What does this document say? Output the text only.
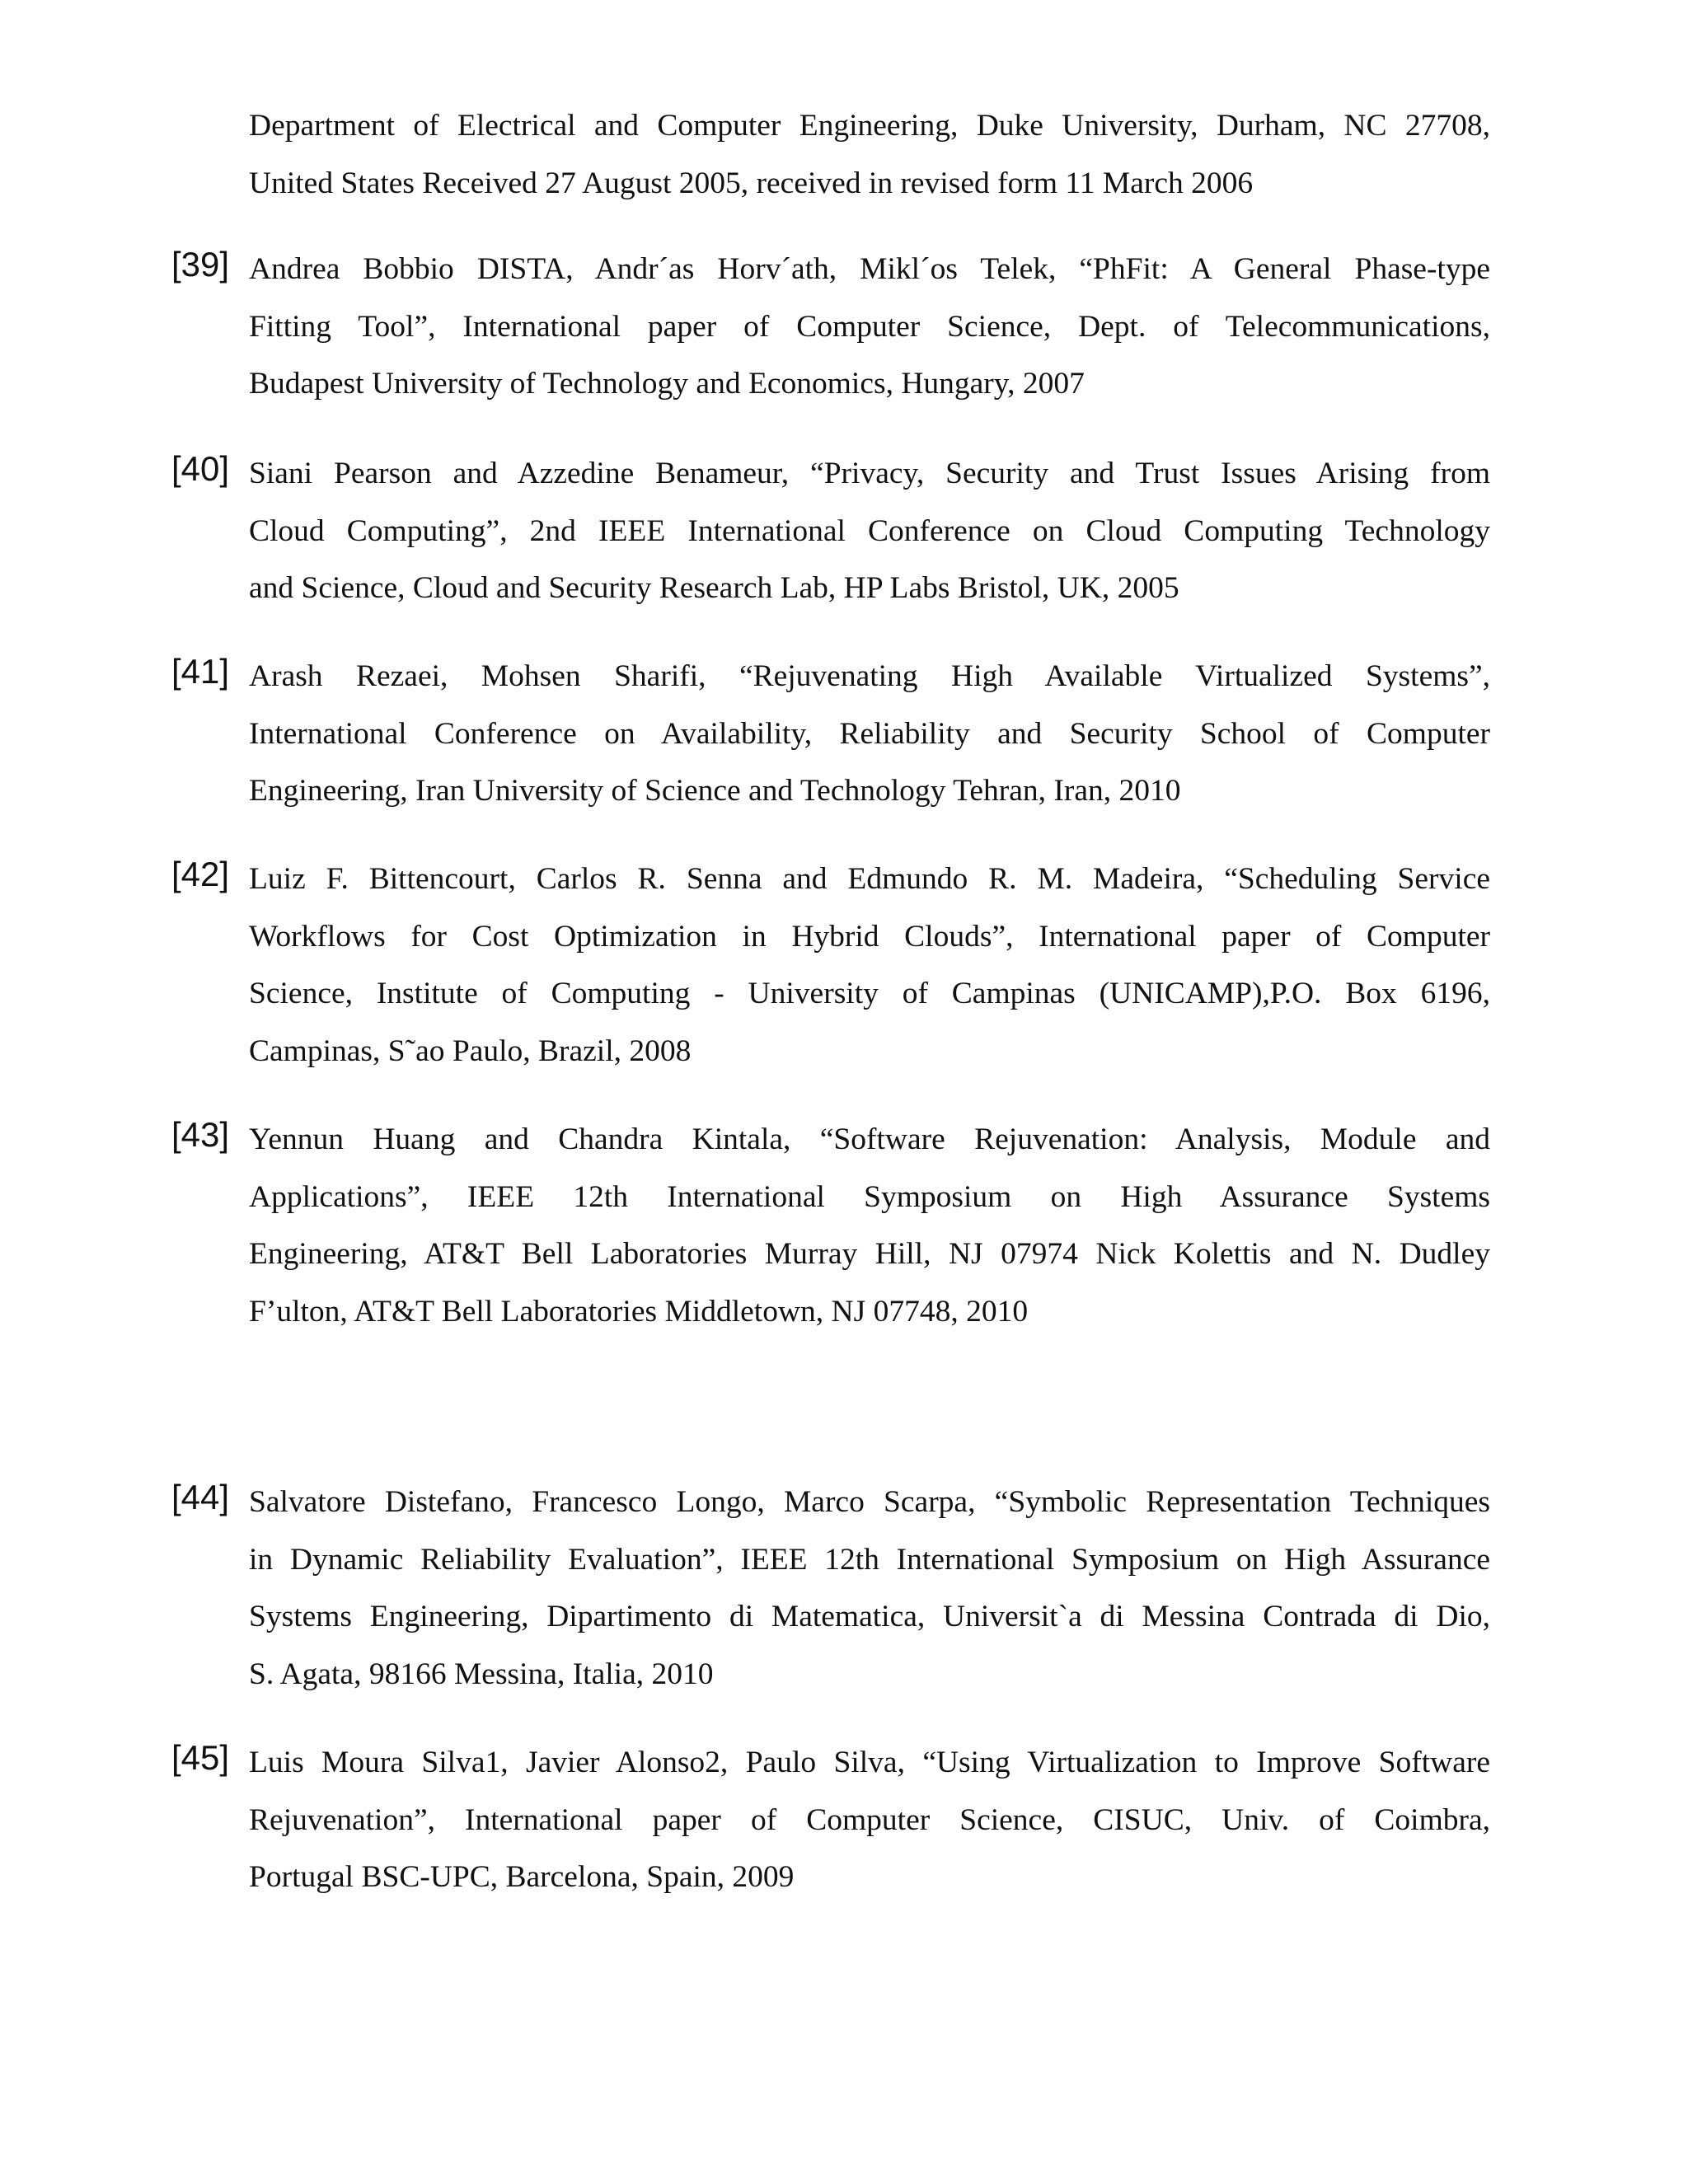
Department of Electrical and Computer Engineering, Duke University, Durham, NC 27708,
United States Received 27 August 2005, received in revised form 11 March 2006
[39] Andrea Bobbio DISTA, Andr´as Horv´ath, Mikl´os Telek, “PhFit: A General Phase-type
Fitting Tool”, International paper of Computer Science, Dept. of Telecommunications,
Budapest University of Technology and Economics, Hungary, 2007
[40] Siani Pearson and Azzedine Benameur, “Privacy, Security and Trust Issues Arising from
Cloud Computing”, 2nd IEEE International Conference on Cloud Computing Technology
and Science, Cloud and Security Research Lab, HP Labs Bristol, UK, 2005
[41] Arash Rezaei, Mohsen Sharifi, “Rejuvenating High Available Virtualized Systems”,
International Conference on Availability, Reliability and Security School of Computer
Engineering, Iran University of Science and Technology Tehran, Iran, 2010
[42] Luiz F. Bittencourt, Carlos R. Senna and Edmundo R. M. Madeira, “Scheduling Service
Workflows for Cost Optimization in Hybrid Clouds”, International paper of Computer
Science, Institute of Computing - University of Campinas (UNICAMP),P.O. Box 6196,
Campinas, S˜ao Paulo, Brazil, 2008
[43] Yennun Huang and Chandra Kintala, “Software Rejuvenation: Analysis, Module and
Applications”, IEEE 12th International Symposium on High Assurance Systems
Engineering, AT&T Bell Laboratories Murray Hill, NJ 07974 Nick Kolettis and N. Dudley
F’ulton, AT&T Bell Laboratories Middletown, NJ 07748, 2010
[44] Salvatore Distefano, Francesco Longo, Marco Scarpa, “Symbolic Representation Techniques
in Dynamic Reliability Evaluation”, IEEE 12th International Symposium on High Assurance
Systems Engineering, Dipartimento di Matematica, Universit`a di Messina Contrada di Dio,
S. Agata, 98166 Messina, Italia, 2010
[45] Luis Moura Silva1, Javier Alonso2, Paulo Silva, “Using Virtualization to Improve Software
Rejuvenation”, International paper of Computer Science, CISUC, Univ. of Coimbra,
Portugal BSC-UPC, Barcelona, Spain, 2009
